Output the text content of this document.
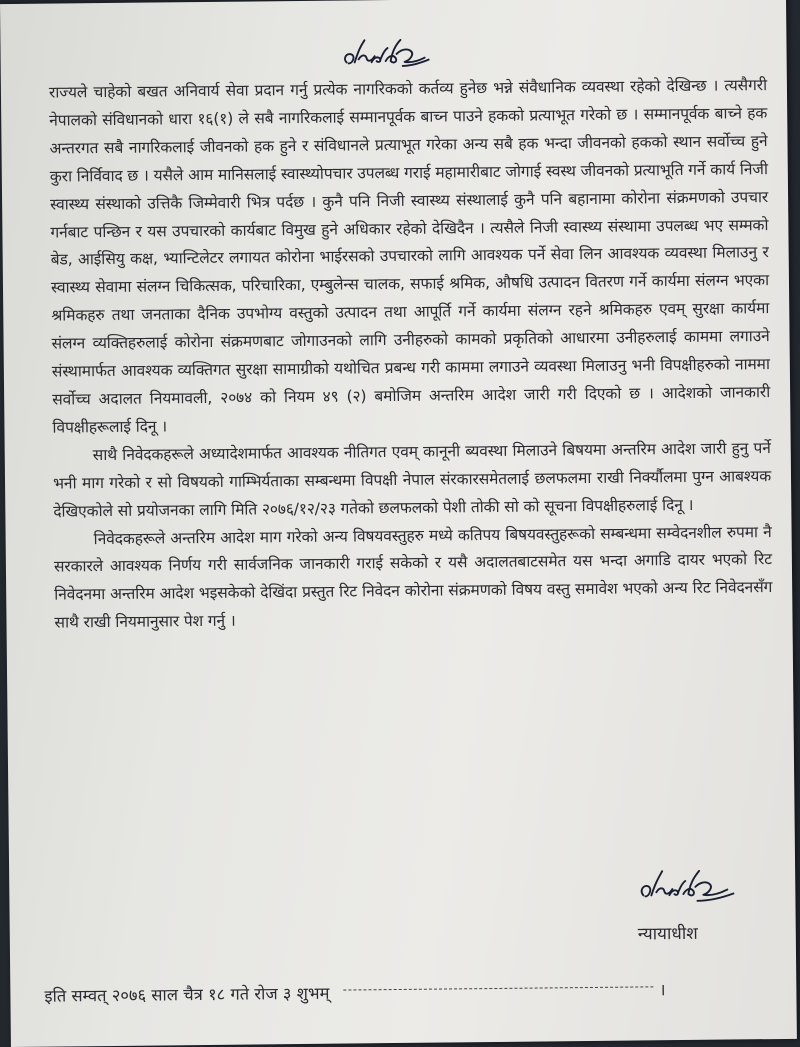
राज्यले चाहेको बखत अनिवार्य सेवा प्रदान गर्नु प्रत्येक नागरिकको कर्तव्य हुनेछ भन्ने संवैधानिक व्यवस्था रहेको देखिन्छ । त्यसैगरी नेपालको संविधानको धारा १६(१) ले सबै नागरिकलाई सम्मानपूर्वक बाच्न पाउने हकको प्रत्याभूत गरेको छ । सम्मानपूर्वक बाच्ने हक अन्तरगत सबै नागरिकलाई जीवनको हक हुने र संविधानले प्रत्याभूत गरेका अन्य सबै हक भन्दा जीवनको हकको स्थान सर्वोच्च हुने कुरा निर्विवाद छ । यसैले आम मानिसलाई स्वास्थ्योपचार उपलब्ध गराई महामारीबाट जोगाई स्वस्थ जीवनको प्रत्याभूति गर्ने कार्य निजी स्वास्थ्य संस्थाको उत्तिकै जिम्मेवारी भित्र पर्दछ । कुनै पनि निजी स्वास्थ्य संस्थालाई कुनै पनि बहानामा कोरोना संक्रमणको उपचार गर्नबाट पन्छिन र यस उपचारको कार्यबाट विमुख हुने अधिकार रहेको देखिदैन । त्यसैले निजी स्वास्थ्य संस्थामा उपलब्ध भए सम्मको बेड, आईसियु कक्ष, भ्यान्टिलेटर लगायत कोरोना भाईरसको उपचारको लागि आवश्यक पर्ने सेवा लिन आवश्यक व्यवस्था मिलाउनु र स्वास्थ्य सेवामा संलग्न चिकित्सक, परिचारिका, एम्बुलेन्स चालक, सफाई श्रमिक, औषधि उत्पादन वितरण गर्ने कार्यमा संलग्न भएका श्रमिकहरु तथा जनताका दैनिक उपभोग्य वस्तुको उत्पादन तथा आपूर्ति गर्ने कार्यमा संलग्न रहने श्रमिकहरु एवम् सुरक्षा कार्यमा संलग्न व्यक्तिहरुलाई कोरोना संक्रमणबाट जोगाउनको लागि उनीहरुको कामको प्रकृतिको आधारमा उनीहरुलाई काममा लगाउने संस्थामार्फत आवश्यक व्यक्तिगत सुरक्षा सामाग्रीको यथोचित प्रबन्ध गरी काममा लगाउने व्यवस्था मिलाउनु भनी विपक्षीहरुको नाममा सर्वोच्च अदालत नियमावली, २०७४ को नियम ४९ (२) बमोजिम अन्तरिम आदेश जारी गरी दिएको छ । आदेशको जानकारी विपक्षीहरूलाई दिनू ।

साथै निवेदकहरूले अध्यादेशमार्फत आवश्यक नीतिगत एवम् कानूनी ब्यवस्था मिलाउने बिषयमा अन्तरिम आदेश जारी हुनु पर्ने भनी माग गरेको र सो विषयको गाम्भिर्यताका सम्बन्धमा विपक्षी नेपाल संरकारसमेतलाई छलफलमा राखी निर्क्यौलमा पुग्न आबश्यक देखिएकोले सो प्रयोजनका लागि मिति २०७६/१२/२३ गतेको छलफलको पेशी तोकी सो को सूचना विपक्षीहरुलाई दिनू ।

निवेदकहरूले अन्तरिम आदेश माग गरेको अन्य विषयवस्तुहरु मध्ये कतिपय बिषयवस्तुहरूको सम्बन्धमा सम्वेदनशील रुपमा नै सरकारले आवश्यक निर्णय गरी सार्वजनिक जानकारी गराई सकेको र यसै अदालतबाटसमेत यस भन्दा अगाडि दायर भएको रिट निवेदनमा अन्तरिम आदेश भइसकेको देखिंदा प्रस्तुत रिट निवेदन कोरोना संक्रमणको विषय वस्तु समावेश भएको अन्य रिट निवेदनसँग साथै राखी नियमानुसार पेश गर्नु ।

न्यायाधीश
इति सम्वत् २०७६ साल चैत्र १८ गते रोज ३ शुभम्	।
